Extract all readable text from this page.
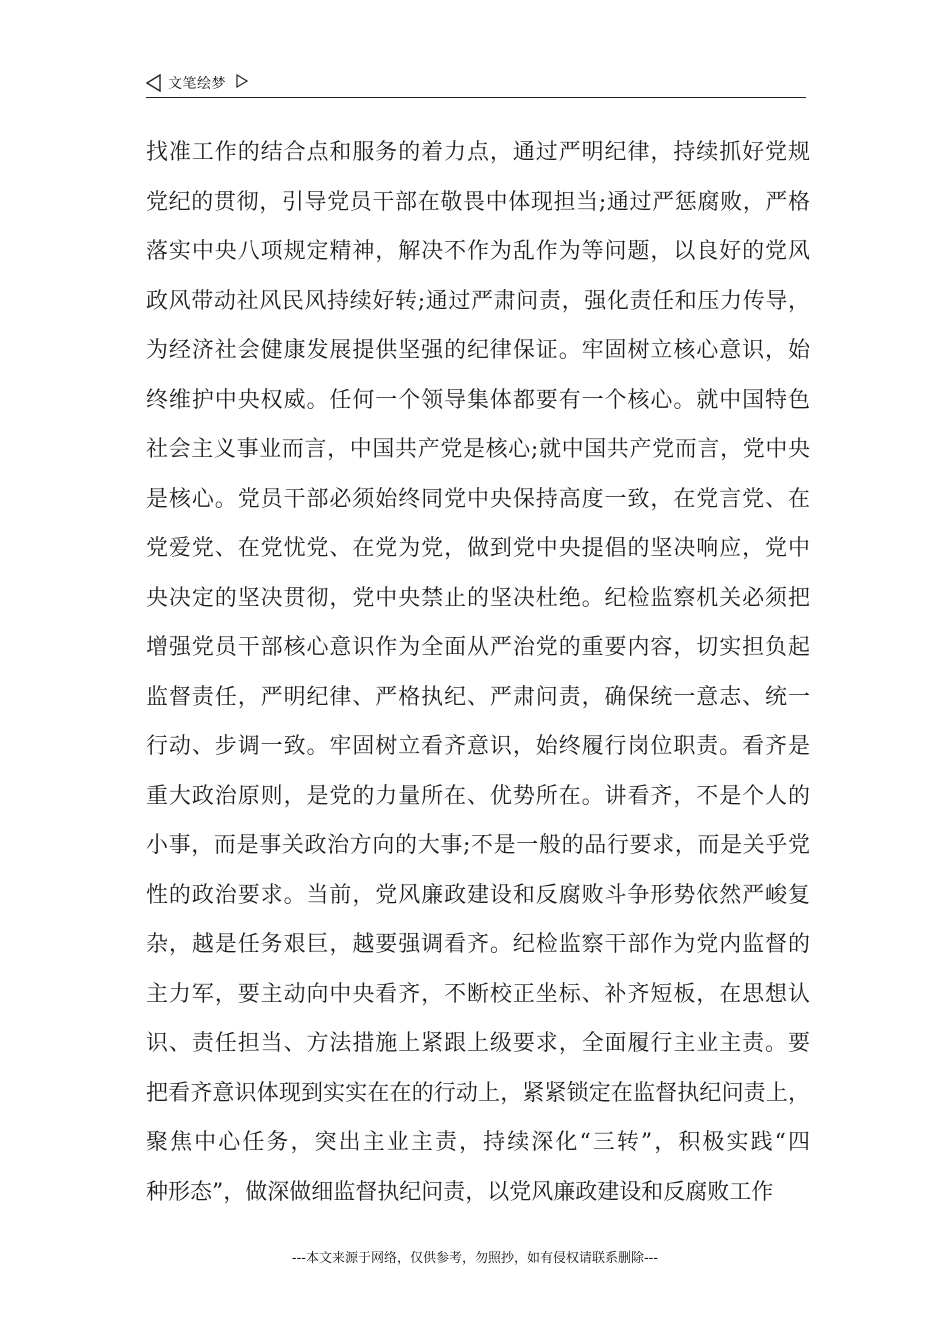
文笔绘梦
找准工作的结合点和服务的着力点，通过严明纪律，持续抓好党规
党纪的贯彻，引导党员干部在敬畏中体现担当;通过严惩腐败，严格
落实中央八项规定精神，解决不作为乱作为等问题，以良好的党风
政风带动社风民风持续好转;通过严肃问责，强化责任和压力传导，
为经济社会健康发展提供坚强的纪律保证。牢固树立核心意识，始
终维护中央权威。任何一个领导集体都要有一个核心。就中国特色
社会主义事业而言，中国共产党是核心;就中国共产党而言，党中央
是核心。党员干部必须始终同党中央保持高度一致，在党言党、在
党爱党、在党忧党、在党为党，做到党中央提倡的坚决响应，党中
央决定的坚决贯彻，党中央禁止的坚决杜绝。纪检监察机关必须把
增强党员干部核心意识作为全面从严治党的重要内容，切实担负起
监督责任，严明纪律、严格执纪、严肃问责，确保统一意志、统一
行动、步调一致。牢固树立看齐意识，始终履行岗位职责。看齐是
重大政治原则，是党的力量所在、优势所在。讲看齐，不是个人的
小事，而是事关政治方向的大事;不是一般的品行要求，而是关乎党
性的政治要求。当前，党风廉政建设和反腐败斗争形势依然严峻复
杂，越是任务艰巨，越要强调看齐。纪检监察干部作为党内监督的
主力军，要主动向中央看齐，不断校正坐标、补齐短板，在思想认
识、责任担当、方法措施上紧跟上级要求，全面履行主业主责。要
把看齐意识体现到实实在在的行动上，紧紧锁定在监督执纪问责上，
聚焦中心任务，突出主业主责，持续深化“三转”，积极实践“四
种形态”，做深做细监督执纪问责，以党风廉政建设和反腐败工作
---本文来源于网络，仅供参考，勿照抄，如有侵权请联系删除---
